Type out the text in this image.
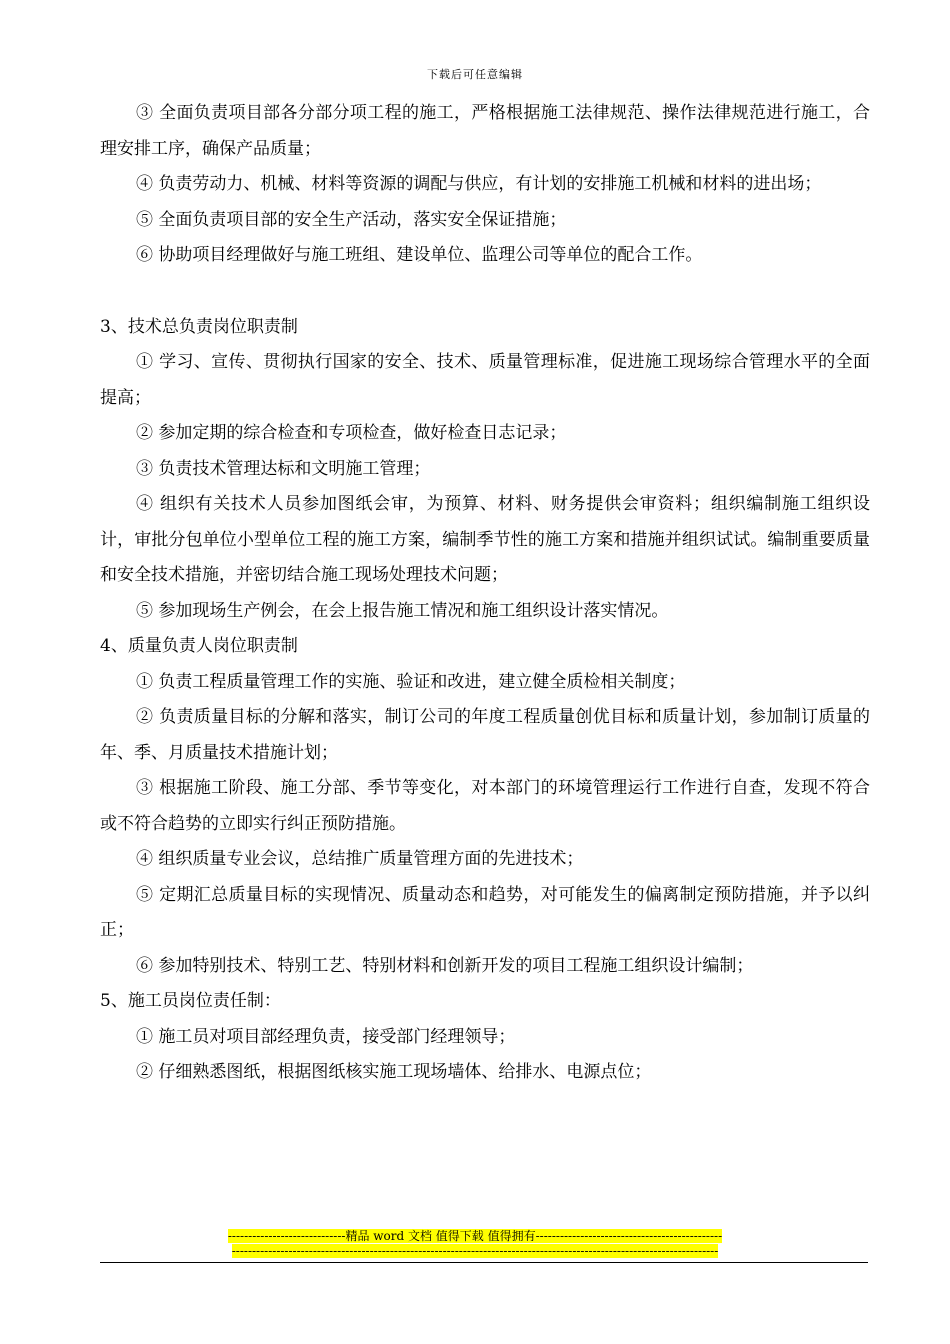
下载后可任意编辑

③ 全面负责项目部各分部分项工程的施工，严格根据施工法律规范、操作法律规范进行施工，合理安排工序，确保产品质量；

④ 负责劳动力、机械、材料等资源的调配与供应，有计划的安排施工机械和材料的进出场；

⑤ 全面负责项目部的安全生产活动，落实安全保证措施；

⑥ 协助项目经理做好与施工班组、建设单位、监理公司等单位的配合工作。

3、技术总负责岗位职责制

① 学习、宣传、贯彻执行国家的安全、技术、质量管理标准，促进施工现场综合管理水平的全面提高；

② 参加定期的综合检查和专项检查，做好检查日志记录；

③ 负责技术管理达标和文明施工管理；

④ 组织有关技术人员参加图纸会审，为预算、材料、财务提供会审资料；组织编制施工组织设计，审批分包单位小型单位工程的施工方案，编制季节性的施工方案和措施并组织试试。编制重要质量和安全技术措施，并密切结合施工现场处理技术问题；

⑤ 参加现场生产例会，在会上报告施工情况和施工组织设计落实情况。

4、质量负责人岗位职责制

① 负责工程质量管理工作的实施、验证和改进，建立健全质检相关制度；

② 负责质量目标的分解和落实，制订公司的年度工程质量创优目标和质量计划，参加制订质量的年、季、月质量技术措施计划；

③ 根据施工阶段、施工分部、季节等变化，对本部门的环境管理运行工作进行自查，发现不符合或不符合趋势的立即实行纠正预防措施。

④ 组织质量专业会议，总结推广质量管理方面的先进技术；

⑤ 定期汇总质量目标的实现情况、质量动态和趋势，对可能发生的偏离制定预防措施，并予以纠正；

⑥ 参加特别技术、特别工艺、特别材料和创新开发的项目工程施工组织设计编制；

5、施工员岗位责任制：

① 施工员对项目部经理负责，接受部门经理领导；

② 仔细熟悉图纸，根据图纸核实施工现场墙体、给排水、电源点位；

-----------------------------精品 word 文档 值得下载 值得拥有----------------------------------------------
------------------------------------------------------------------------------------------------------------------------
